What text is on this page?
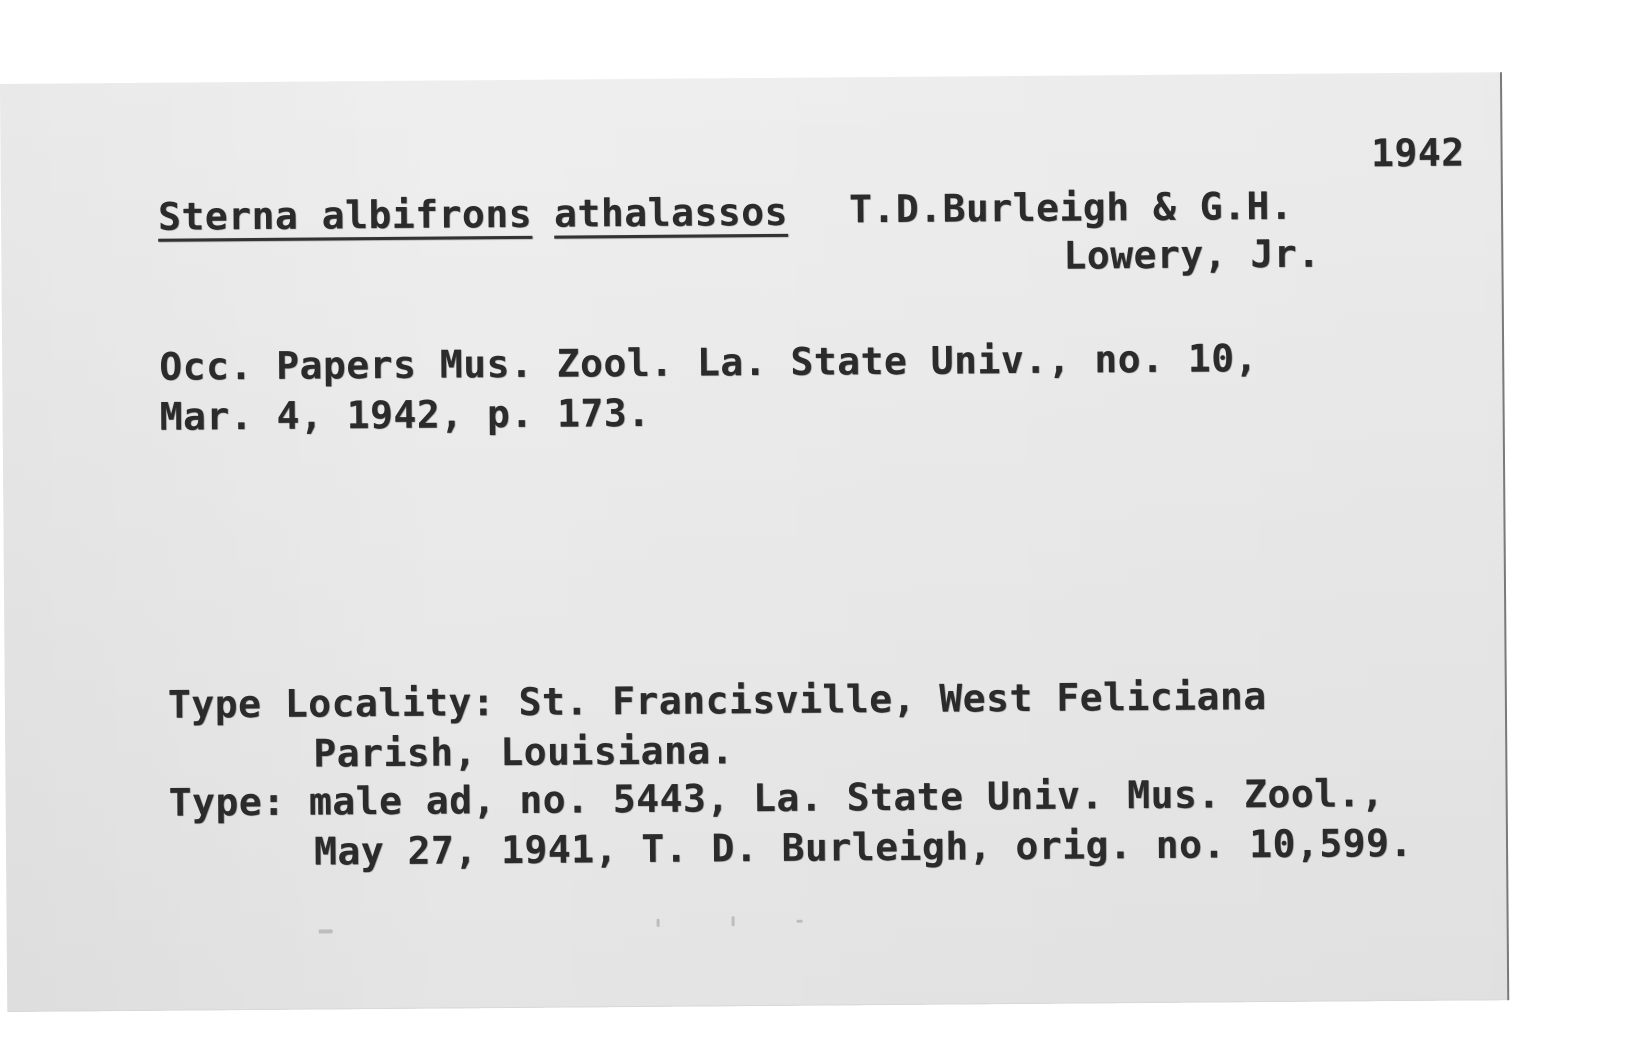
1942

Sterna albifrons athalassos T.D.Burleigh & G.H.

Lowery, Jr.

Occ. Papers Mus. Zool. La. State Univ., no. 10,

Mar. 4, 1942, p. 173.

Type Locality: St. Francisville, West Feliciana

Parish, Louisiana.

Type: male ad, no. 5443, La. State Univ. Mus. Zool.,

May 27, 1941, T. D. Burleigh, orig. no. 10,599.
